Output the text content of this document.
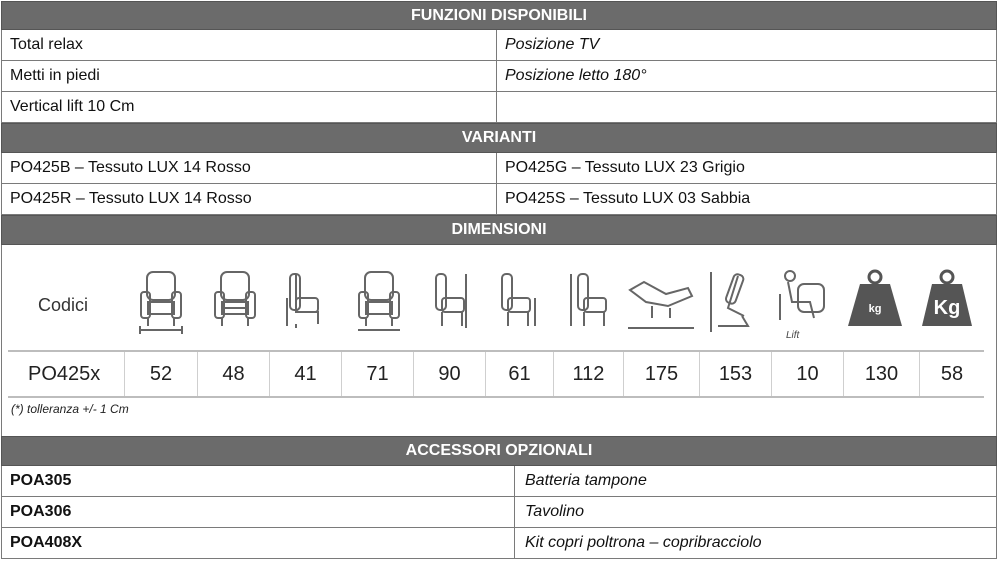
FUNZIONI DISPONIBILI
Total relax	Posizione TV
Metti in piedi	Posizione letto 180°
Vertical lift 10 Cm
VARIANTI
PO425B – Tessuto LUX 14 Rosso	PO425G – Tessuto LUX 23 Grigio
PO425R – Tessuto LUX 14 Rosso	PO425S – Tessuto LUX 03 Sabbia
DIMENSIONI
Codici
Lift
kg	Kg
PO425x	52	48	41	71	90	61	112	175	153	10	130	58
(*) tolleranza +/- 1 Cm
ACCESSORI OPZIONALI
POA305	Batteria tampone
POA306	Tavolino
POA408X	Kit copri poltrona – copribracciolo
